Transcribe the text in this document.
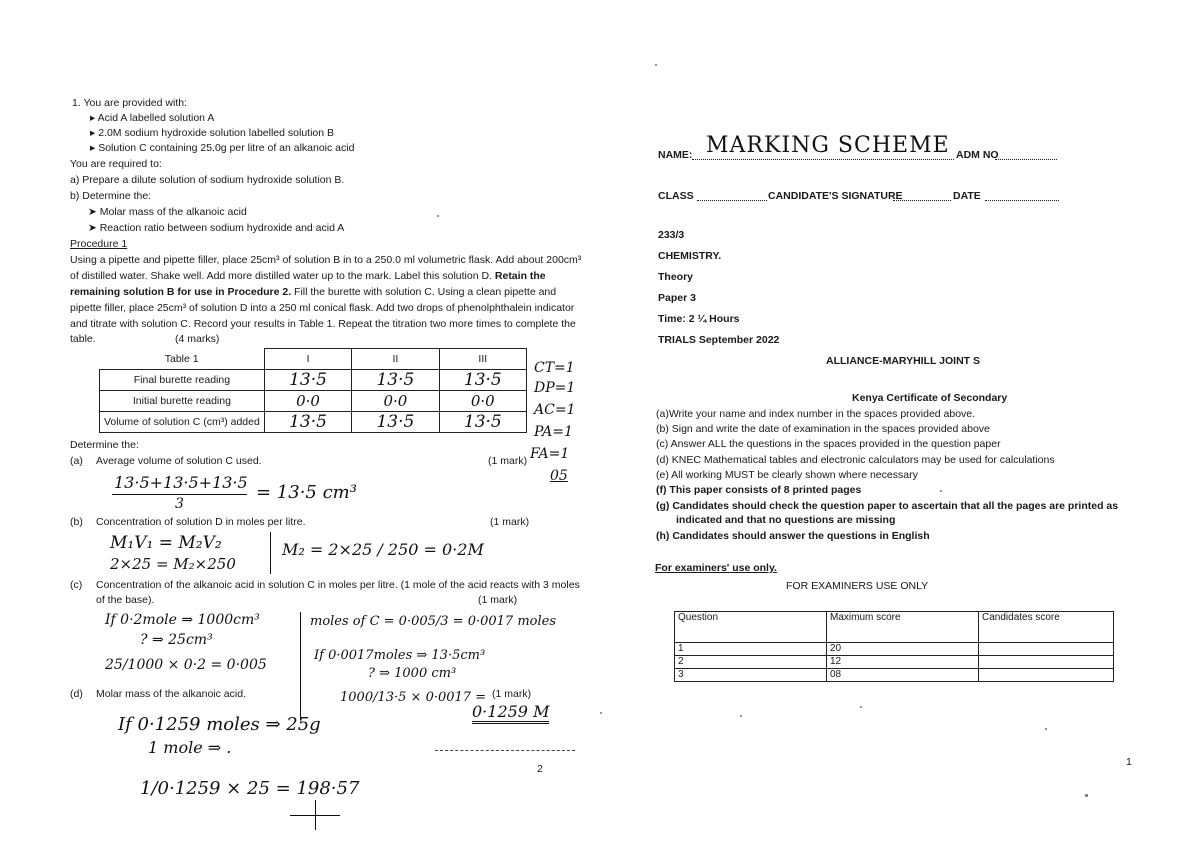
1. You are provided with:
▸ Acid A labelled solution A
▸ 2.0M sodium hydroxide solution labelled solution B
▸ Solution C containing 25.0g per litre of an alkanoic acid
You are required to:
a) Prepare a dilute solution of sodium hydroxide solution B.
b) Determine the:
➤ Molar mass of the alkanoic acid
➤ Reaction ratio between sodium hydroxide and acid A
Procedure 1
Using a pipette and pipette filler, place 25cm³ of solution B in to a 250.0 ml volumetric flask. Add about 200cm³
of distilled water. Shake well. Add more distilled water up to the mark. Label this solution D. Retain the
remaining solution B for use in Procedure 2. Fill the burette with solution C. Using a clean pipette and
pipette filler, place 25cm³ of solution D into a 250 ml conical flask. Add two drops of phenolphthalein indicator
and titrate with solution C. Record your results in Table 1. Repeat the titration two more times to complete the
table.	(4 marks)
Table 1	I	II	III
Final burette reading	13·5	13·5	13·5
Initial burette reading	0·0	0·0	0·0
Volume of solution C (cm³) added	13·5	13·5	13·5
CT=1
DP=1
AC=1
PA=1
FA=1
05
Determine the:
(a) Average volume of solution C used.	(1 mark)
13·5+13·5+13·5
3
= 13·5 cm³
(b) Concentration of solution D in moles per litre.	(1 mark)
M₁V₁ = M₂V₂
2×25 = M₂×250
M₂ = 2×25 / 250 = 0·2M
(c) Concentration of the alkanoic acid in solution C in moles per litre. (1 mole of the acid reacts with 3 moles
of the base).	(1 mark)
If 0·2mole ⇒ 1000cm³
? ⇒ 25cm³
25/1000 × 0·2 = 0·005
moles of C = 0·005/3 = 0·0017 moles
If 0·0017moles ⇒ 13·5cm³
? ⇒ 1000 cm³
1000/13·5 × 0·0017 =
0·1259 M
(d) Molar mass of the alkanoic acid.	(1 mark)
If 0·1259 moles ⇒ 25g
1 mole ⇒ .
1/0·1259 × 25 = 198·57
2
NAME: MARKING SCHEME ADM NO
CLASS	CANDIDATE'S SIGNATURE	DATE
233/3
CHEMISTRY.
Theory
Paper 3
Time: 2 ¼ Hours
TRIALS September 2022
ALLIANCE-MARYHILL JOINT S
Kenya Certificate of Secondary
(a)Write your name and index number in the spaces provided above.
(b) Sign and write the date of examination in the spaces provided above
(c) Answer ALL the questions in the spaces provided in the question paper
(d) KNEC Mathematical tables and electronic calculators may be used for calculations
(e) All working MUST be clearly shown where necessary
(f) This paper consists of 8 printed pages
(g) Candidates should check the question paper to ascertain that all the pages are printed as
indicated and that no questions are missing
(h) Candidates should answer the questions in English
For examiners' use only.
FOR EXAMINERS USE ONLY
Question	Maximum score	Candidates score
1	20	
2	12	
3	08	
1
